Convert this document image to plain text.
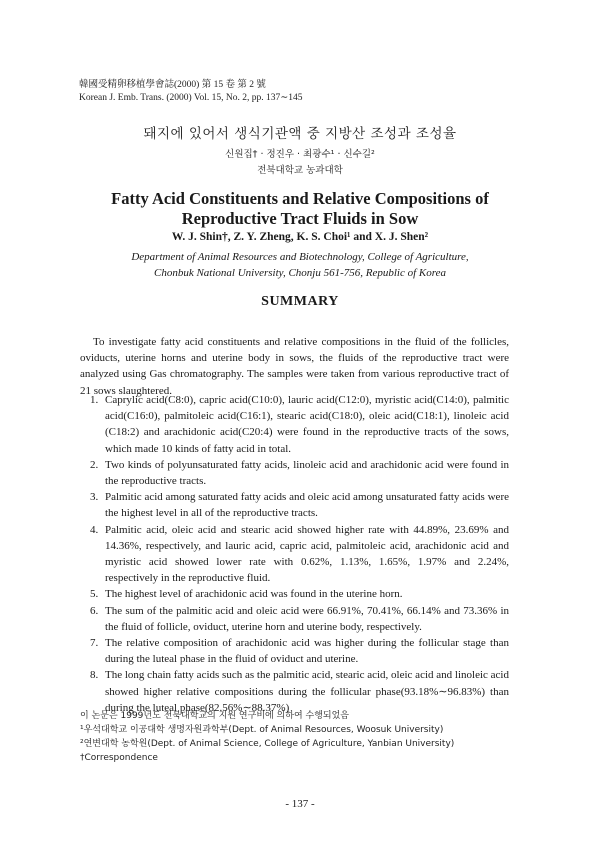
韓國受精卵移植學會誌(2000) 第 15 卷 第 2 號
Korean J. Emb. Trans. (2000) Vol. 15, No. 2, pp. 137∼145
돼지에 있어서 생식기관액 중 지방산 조성과 조성율
신원집† · 정진우 · 최광수¹ · 신수길²
전북대학교 농과대학
Fatty Acid Constituents and Relative Compositions of
Reproductive Tract Fluids in Sow
W. J. Shin†, Z. Y. Zheng, K. S. Choi¹ and X. J. Shen²
Department of Animal Resources and Biotechnology, College of Agriculture,
Chonbuk National University, Chonju 561-756, Republic of Korea
SUMMARY

To investigate fatty acid constituents and relative compositions in the fluid of the follicles, oviducts, uterine horns and uterine body in sows, the fluids of the reproductive tract were analyzed using Gas chromatography. The samples were taken from various reproductive tract of 21 sows slaughtered.

1. Caprylic acid(C8:0), capric acid(C10:0), lauric acid(C12:0), myristic acid(C14:0), palmitic acid(C16:0), palmitoleic acid(C16:1), stearic acid(C18:0), oleic acid(C18:1), linoleic acid (C18:2) and arachidonic acid(C20:4) were found in the reproductive tracts of the sows, which made 10 kinds of fatty acid in total.
2. Two kinds of polyunsaturated fatty acids, linoleic acid and arachidonic acid were found in the reproductive tracts.
3. Palmitic acid among saturated fatty acids and oleic acid among unsaturated fatty acids were the highest level in all of the reproductive tracts.
4. Palmitic acid, oleic acid and stearic acid showed higher rate with 44.89%, 23.69% and 14.36%, respectively, and lauric acid, capric acid, palmitoleic acid, arachidonic acid and myristic acid showed lower rate with 0.62%, 1.13%, 1.65%, 1.97% and 2.24%, respectively in the reproductive fluid.
5. The highest level of arachidonic acid was found in the uterine horn.
6. The sum of the palmitic acid and oleic acid were 66.91%, 70.41%, 66.14% and 73.36% in the fluid of follicle, oviduct, uterine horn and uterine body, respectively.
7. The relative composition of arachidonic acid was higher during the follicular stage than during the luteal phase in the fluid of oviduct and uterine.
8. The long chain fatty acids such as the palmitic acid, stearic acid, oleic acid and linoleic acid showed higher relative compositions during the follicular phase(93.18%∼96.83%) than during the luteal phase(82.56%∼88.37%)
이 논문은 1999년도 전북대학교의 지원 연구비에 의하여 수행되었음
¹우석대학교 이공대학 생명자원과학부(Dept. of Animal Resources, Woosuk University)
²연변대학 농학원(Dept. of Animal Science, College of Agriculture, Yanbian University)
†Correspondence
- 137 -
